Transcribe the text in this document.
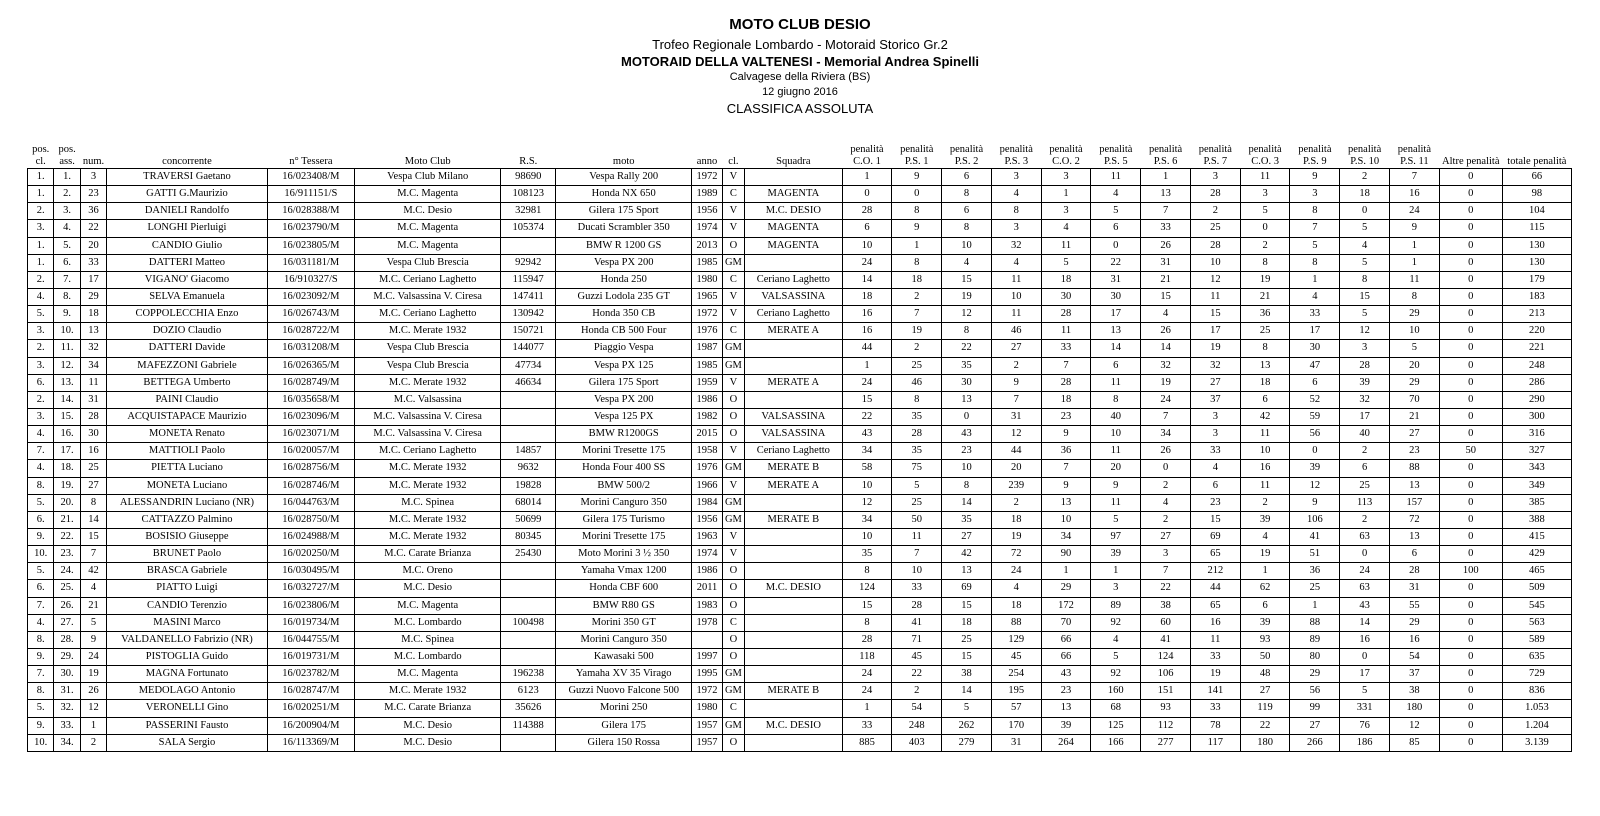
MOTO CLUB DESIO
Trofeo Regionale Lombardo - Motoraid Storico Gr.2
MOTORAID DELLA VALTENESI - Memorial Andrea Spinelli
Calvagese della Riviera (BS)
12 giugno 2016
CLASSIFICA ASSOLUTA
pos. cl.	pos. ass.	num.	concorrente	n° Tessera	Moto Club	R.S.	moto	anno	cl.	Squadra	penalità C.O. 1	penalità P.S. 1	penalità P.S. 2	penalità P.S. 3	penalità C.O. 2	penalità P.S. 5	penalità P.S. 6	penalità P.S. 7	penalità C.O. 3	penalità P.S. 9	penalità P.S. 10	penalità P.S. 11	Altre penalità	totale penalità
1.	1.	3	TRAVERSI Gaetano	16/023408/M	Vespa Club Milano	98690	Vespa Rally 200	1972	V		1	9	6	3	3	11	1	3	11	9	2	7	0	66
1.	2.	23	GATTI G.Maurizio	16/911151/S	M.C. Magenta	108123	Honda NX 650	1989	C	MAGENTA	0	0	8	4	1	4	13	28	3	3	18	16	0	98
2.	3.	36	DANIELI Randolfo	16/028388/M	M.C. Desio	32981	Gilera 175 Sport	1956	V	M.C. DESIO	28	8	6	8	3	5	7	2	5	8	0	24	0	104
3.	4.	22	LONGHI Pierluigi	16/023790/M	M.C. Magenta	105374	Ducati Scrambler 350	1974	V	MAGENTA	6	9	8	3	4	6	33	25	0	7	5	9	0	115
1.	5.	20	CANDIO Giulio	16/023805/M	M.C. Magenta		BMW R 1200 GS	2013	O	MAGENTA	10	1	10	32	11	0	26	28	2	5	4	1	0	130
1.	6.	33	DATTERI Matteo	16/031181/M	Vespa Club Brescia	92942	Vespa PX 200	1985	GM		24	8	4	4	5	22	31	10	8	8	5	1	0	130
2.	7.	17	VIGANO' Giacomo	16/910327/S	M.C. Ceriano Laghetto	115947	Honda 250	1980	C	Ceriano Laghetto	14	18	15	11	18	31	21	12	19	1	8	11	0	179
4.	8.	29	SELVA Emanuela	16/023092/M	M.C. Valsassina V. Ciresa	147411	Guzzi Lodola 235 GT	1965	V	VALSASSINA	18	2	19	10	30	30	15	11	21	4	15	8	0	183
5.	9.	18	COPPOLECCHIA Enzo	16/026743/M	M.C. Ceriano Laghetto	130942	Honda 350 CB	1972	V	Ceriano Laghetto	16	7	12	11	28	17	4	15	36	33	5	29	0	213
3.	10.	13	DOZIO Claudio	16/028722/M	M.C. Merate 1932	150721	Honda CB 500 Four	1976	C	MERATE A	16	19	8	46	11	13	26	17	25	17	12	10	0	220
2.	11.	32	DATTERI Davide	16/031208/M	Vespa Club Brescia	144077	Piaggio Vespa	1987	GM		44	2	22	27	33	14	14	19	8	30	3	5	0	221
3.	12.	34	MAFEZZONI Gabriele	16/026365/M	Vespa Club Brescia	47734	Vespa PX 125	1985	GM		1	25	35	2	7	6	32	32	13	47	28	20	0	248
6.	13.	11	BETTEGA Umberto	16/028749/M	M.C. Merate 1932	46634	Gilera 175 Sport	1959	V	MERATE A	24	46	30	9	28	11	19	27	18	6	39	29	0	286
2.	14.	31	PAINI Claudio	16/035658/M	M.C. Valsassina		Vespa PX 200	1986	O		15	8	13	7	18	8	24	37	6	52	32	70	0	290
3.	15.	28	ACQUISTAPACE Maurizio	16/023096/M	M.C. Valsassina V. Ciresa		Vespa 125 PX	1982	O	VALSASSINA	22	35	0	31	23	40	7	3	42	59	17	21	0	300
4.	16.	30	MONETA Renato	16/023071/M	M.C. Valsassina V. Ciresa		BMW R1200GS	2015	O	VALSASSINA	43	28	43	12	9	10	34	3	11	56	40	27	0	316
7.	17.	16	MATTIOLI Paolo	16/020057/M	M.C. Ceriano Laghetto	14857	Morini Tresette 175	1958	V	Ceriano Laghetto	34	35	23	44	36	11	26	33	10	0	2	23	50	327
4.	18.	25	PIETTA Luciano	16/028756/M	M.C. Merate 1932	9632	Honda Four 400 SS	1976	GM	MERATE B	58	75	10	20	7	20	0	4	16	39	6	88	0	343
8.	19.	27	MONETA Luciano	16/028746/M	M.C. Merate 1932	19828	BMW 500/2	1966	V	MERATE A	10	5	8	239	9	9	2	6	11	12	25	13	0	349
5.	20.	8	ALESSANDRIN Luciano (NR)	16/044763/M	M.C. Spinea	68014	Morini Canguro 350	1984	GM		12	25	14	2	13	11	4	23	2	9	113	157	0	385
6.	21.	14	CATTAZZO Palmino	16/028750/M	M.C. Merate 1932	50699	Gilera 175 Turismo	1956	GM	MERATE B	34	50	35	18	10	5	2	15	39	106	2	72	0	388
9.	22.	15	BOSISIO Giuseppe	16/024988/M	M.C. Merate 1932	80345	Morini Tresette 175	1963	V		10	11	27	19	34	97	27	69	4	41	63	13	0	415
10.	23.	7	BRUNET Paolo	16/020250/M	M.C. Carate Brianza	25430	Moto Morini 3 ½ 350	1974	V		35	7	42	72	90	39	3	65	19	51	0	6	0	429
5.	24.	42	BRASCA Gabriele	16/030495/M	M.C. Oreno		Yamaha Vmax 1200	1986	O		8	10	13	24	1	1	7	212	1	36	24	28	100	465
6.	25.	4	PIATTO Luigi	16/032727/M	M.C. Desio		Honda CBF 600	2011	O	M.C. DESIO	124	33	69	4	29	3	22	44	62	25	63	31	0	509
7.	26.	21	CANDIO Terenzio	16/023806/M	M.C. Magenta		BMW R80 GS	1983	O		15	28	15	18	172	89	38	65	6	1	43	55	0	545
4.	27.	5	MASINI Marco	16/019734/M	M.C. Lombardo	100498	Morini 350 GT	1978	C		8	41	18	88	70	92	60	16	39	88	14	29	0	563
8.	28.	9	VALDANELLO Fabrizio (NR)	16/044755/M	M.C. Spinea		Morini Canguro 350		O		28	71	25	129	66	4	41	11	93	89	16	16	0	589
9.	29.	24	PISTOGLIA Guido	16/019731/M	M.C. Lombardo		Kawasaki 500	1997	O		118	45	15	45	66	5	124	33	50	80	0	54	0	635
7.	30.	19	MAGNA Fortunato	16/023782/M	M.C. Magenta	196238	Yamaha XV 35 Virago	1995	GM		24	22	38	254	43	92	106	19	48	29	17	37	0	729
8.	31.	26	MEDOLAGO Antonio	16/028747/M	M.C. Merate 1932	6123	Guzzi Nuovo Falcone 500	1972	GM	MERATE B	24	2	14	195	23	160	151	141	27	56	5	38	0	836
5.	32.	12	VERONELLI Gino	16/020251/M	M.C. Carate Brianza	35626	Morini 250	1980	C		1	54	5	57	13	68	93	33	119	99	331	180	0	1.053
9.	33.	1	PASSERINI Fausto	16/200904/M	M.C. Desio	114388	Gilera 175	1957	GM	M.C. DESIO	33	248	262	170	39	125	112	78	22	27	76	12	0	1.204
10.	34.	2	SALA Sergio	16/113369/M	M.C. Desio		Gilera 150 Rossa	1957	O		885	403	279	31	264	166	277	117	180	266	186	85	0	3.139
